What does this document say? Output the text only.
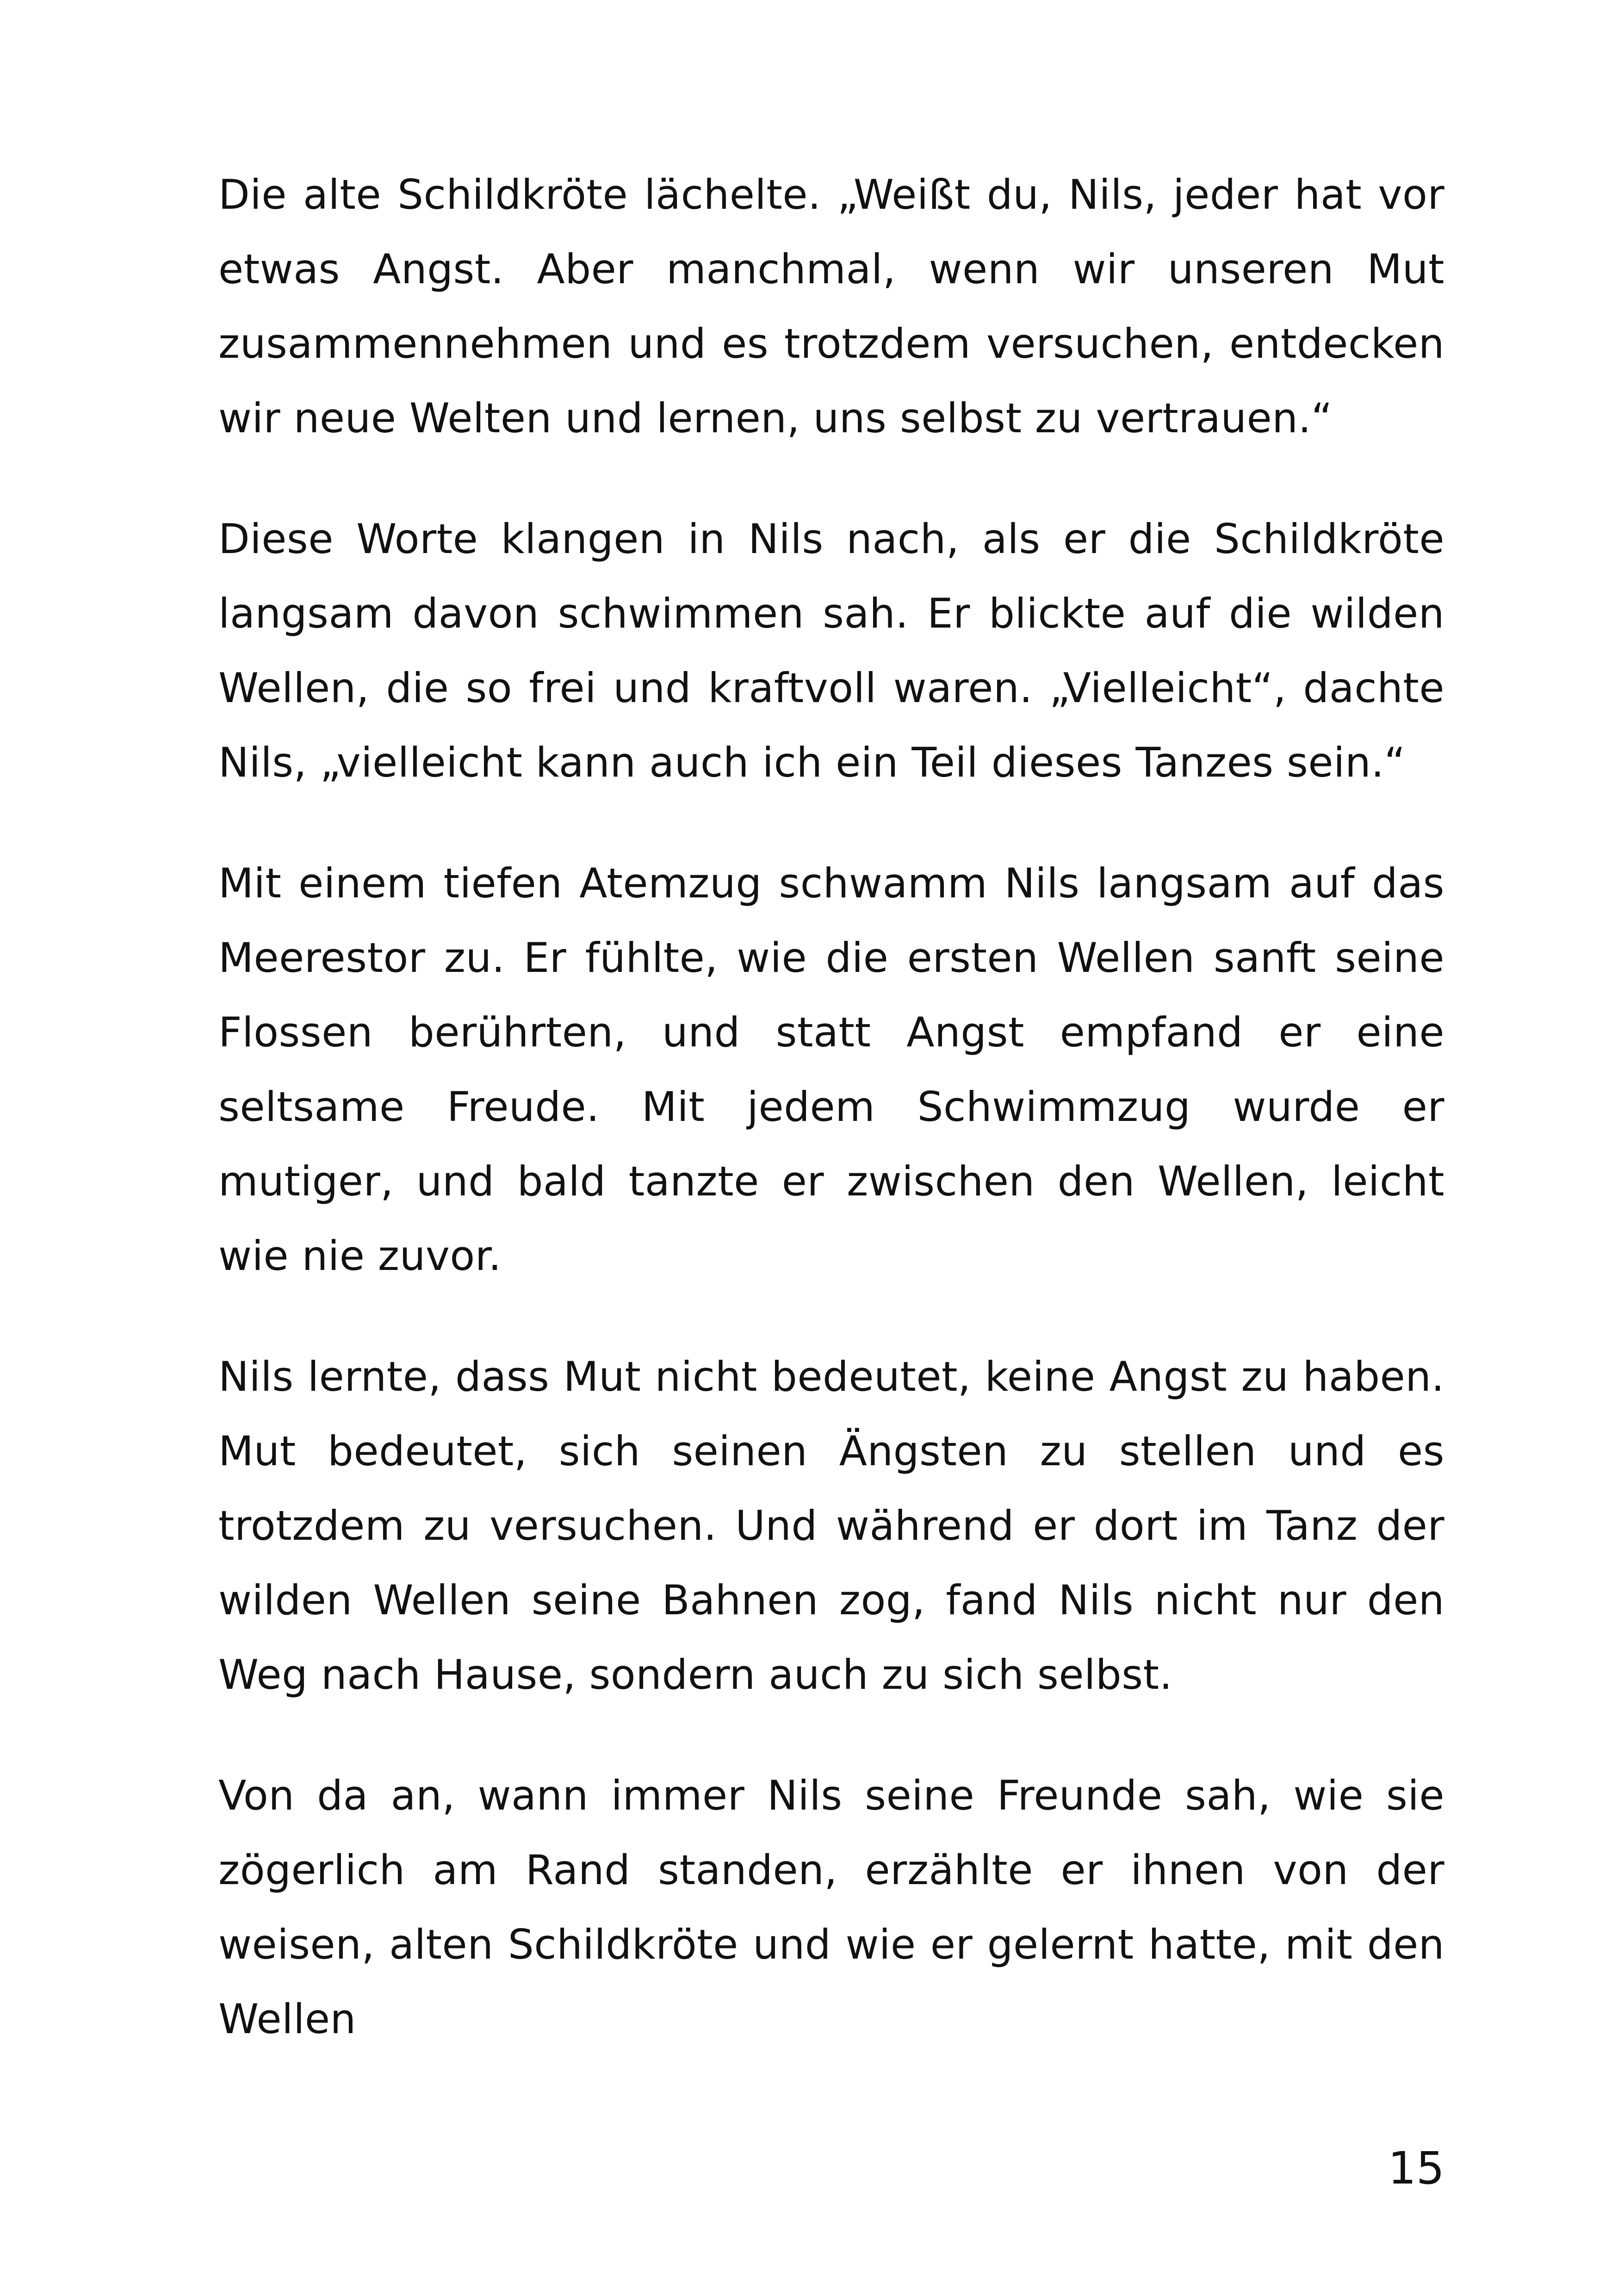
Die alte Schildkröte lächelte. „Weißt du, Nils, jeder hat vor etwas Angst. Aber manchmal, wenn wir unseren Mut zusammennehmen und es trotzdem versuchen, entdecken wir neue Welten und lernen, uns selbst zu vertrauen.“

Diese Worte klangen in Nils nach, als er die Schildkröte langsam davon schwimmen sah. Er blickte auf die wilden Wellen, die so frei und kraftvoll waren. „Vielleicht“, dachte Nils, „vielleicht kann auch ich ein Teil dieses Tanzes sein.“

Mit einem tiefen Atemzug schwamm Nils langsam auf das Meerestor zu. Er fühlte, wie die ersten Wellen sanft seine Flossen berührten, und statt Angst empfand er eine seltsame Freude. Mit jedem Schwimmzug wurde er mutiger, und bald tanzte er zwischen den Wellen, leicht wie nie zuvor.

Nils lernte, dass Mut nicht bedeutet, keine Angst zu haben. Mut bedeutet, sich seinen Ängsten zu stellen und es trotzdem zu versuchen. Und während er dort im Tanz der wilden Wellen seine Bahnen zog, fand Nils nicht nur den Weg nach Hause, sondern auch zu sich selbst.

Von da an, wann immer Nils seine Freunde sah, wie sie zögerlich am Rand standen, erzählte er ihnen von der weisen, alten Schildkröte und wie er gelernt hatte, mit den Wellen

15
